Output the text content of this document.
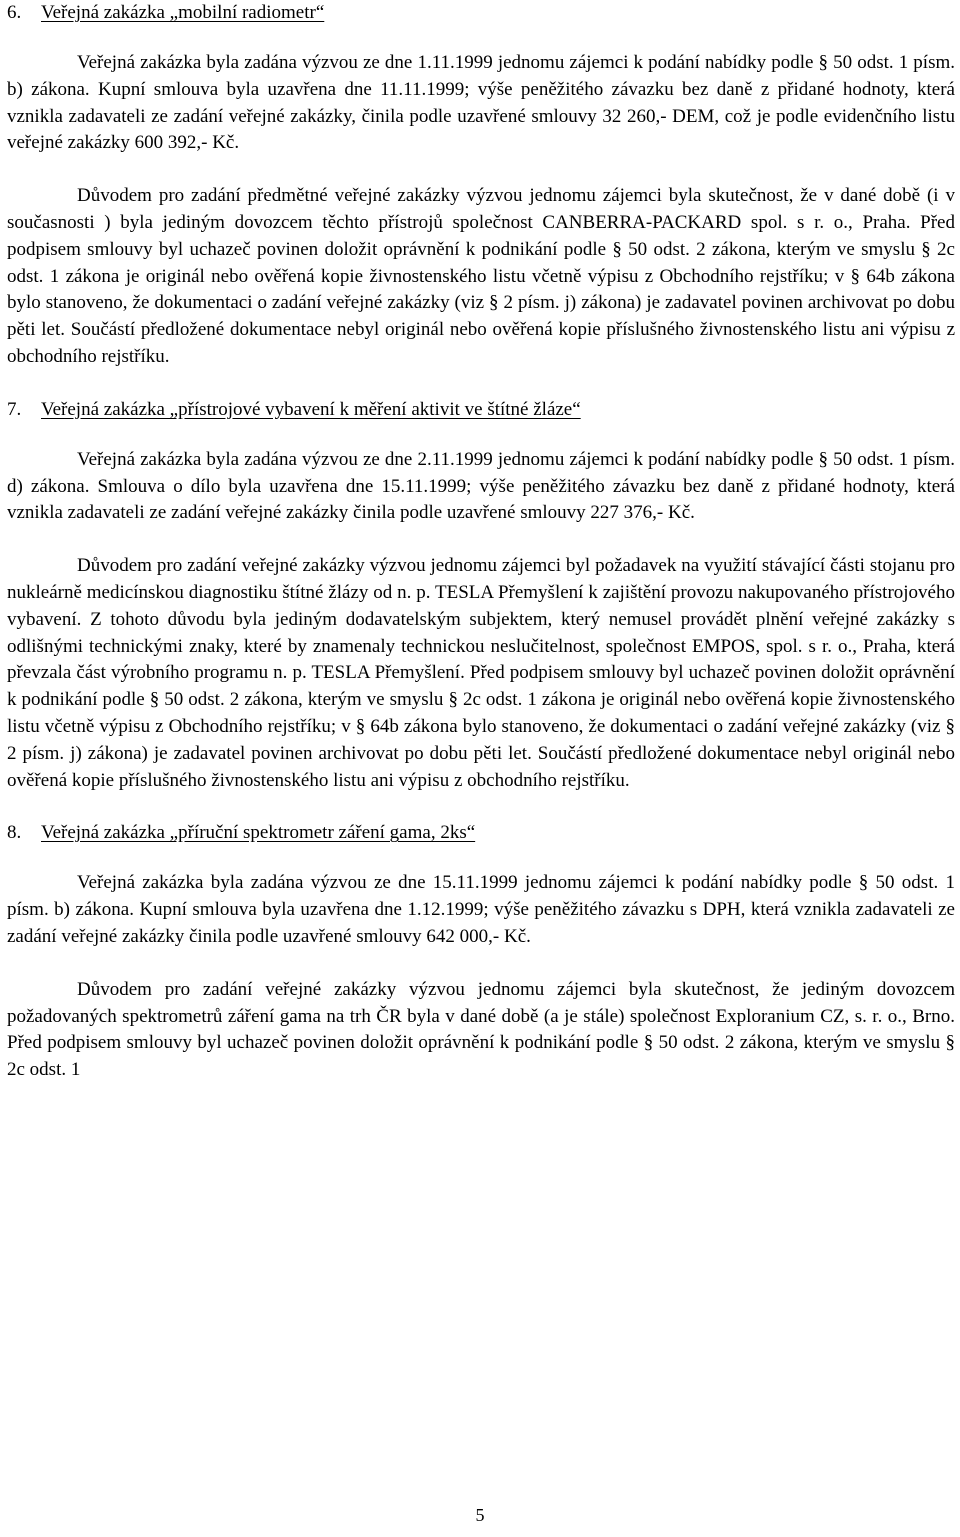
6.	Veřejná zakázka „mobilní radiometr“

Veřejná zakázka byla zadána výzvou ze dne 1.11.1999 jednomu zájemci k podání nabídky podle § 50 odst. 1 písm. b) zákona. Kupní smlouva byla uzavřena dne 11.11.1999; výše peněžitého závazku bez daně z přidané hodnoty, která vznikla zadavateli ze zadání veřejné zakázky, činila podle uzavřené smlouvy 32 260,- DEM, což je podle evidenčního listu veřejné zakázky 600 392,- Kč.

Důvodem pro zadání předmětné veřejné zakázky výzvou jednomu zájemci byla skutečnost, že v dané době (i v současnosti ) byla jediným dovozcem těchto přístrojů společnost CANBERRA-PACKARD spol. s r. o., Praha. Před podpisem smlouvy byl uchazeč povinen doložit oprávnění k podnikání podle § 50 odst. 2 zákona, kterým ve smyslu § 2c odst. 1 zákona je originál nebo ověřená kopie živnostenského listu včetně výpisu z Obchodního rejstříku; v § 64b zákona bylo stanoveno, že dokumentaci o zadání veřejné zakázky (viz § 2 písm. j) zákona) je zadavatel povinen archivovat po dobu pěti let. Součástí předložené dokumentace nebyl originál nebo ověřená kopie příslušného živnostenského listu ani výpisu z obchodního rejstříku.

7.	Veřejná zakázka „přístrojové vybavení k měření aktivit ve štítné žláze“

Veřejná zakázka byla zadána výzvou ze dne 2.11.1999 jednomu zájemci k podání nabídky podle § 50 odst. 1 písm. d) zákona. Smlouva o dílo byla uzavřena dne 15.11.1999; výše peněžitého závazku bez daně z přidané hodnoty, která vznikla zadavateli ze zadání veřejné zakázky činila podle uzavřené smlouvy 227 376,- Kč.

Důvodem pro zadání veřejné zakázky výzvou jednomu zájemci byl požadavek na využití stávající části stojanu pro nukleárně medicínskou diagnostiku štítné žlázy od n. p. TESLA Přemyšlení k zajištění provozu nakupovaného přístrojového vybavení. Z tohoto důvodu byla jediným dodavatelským subjektem, který nemusel provádět plnění veřejné zakázky s odlišnými technickými znaky, které by znamenaly technickou neslučitelnost, společnost EMPOS, spol. s r. o., Praha, která převzala část výrobního programu n. p. TESLA Přemyšlení. Před podpisem smlouvy byl uchazeč povinen doložit oprávnění k podnikání podle § 50 odst. 2 zákona, kterým ve smyslu § 2c odst. 1 zákona je originál nebo ověřená kopie živnostenského listu včetně výpisu z Obchodního rejstříku; v § 64b zákona bylo stanoveno, že dokumentaci o zadání veřejné zakázky (viz § 2 písm. j) zákona) je zadavatel povinen archivovat po dobu pěti let. Součástí předložené dokumentace nebyl originál nebo ověřená kopie příslušného živnostenského listu ani výpisu z obchodního rejstříku.

8.	Veřejná zakázka „příruční spektrometr záření gama, 2ks“

Veřejná zakázka byla zadána výzvou ze dne 15.11.1999 jednomu zájemci k podání nabídky podle § 50 odst. 1 písm. b) zákona. Kupní smlouva byla uzavřena dne 1.12.1999; výše peněžitého závazku s DPH, která vznikla zadavateli ze zadání veřejné zakázky činila podle uzavřené smlouvy 642 000,- Kč.

Důvodem pro zadání veřejné zakázky výzvou jednomu zájemci byla skutečnost, že jediným dovozcem požadovaných spektrometrů záření gama na trh ČR byla v dané době (a je stále) společnost Exploranium CZ, s. r. o., Brno. Před podpisem smlouvy byl uchazeč povinen doložit oprávnění k podnikání podle § 50 odst. 2 zákona, kterým ve smyslu § 2c odst. 1

5
